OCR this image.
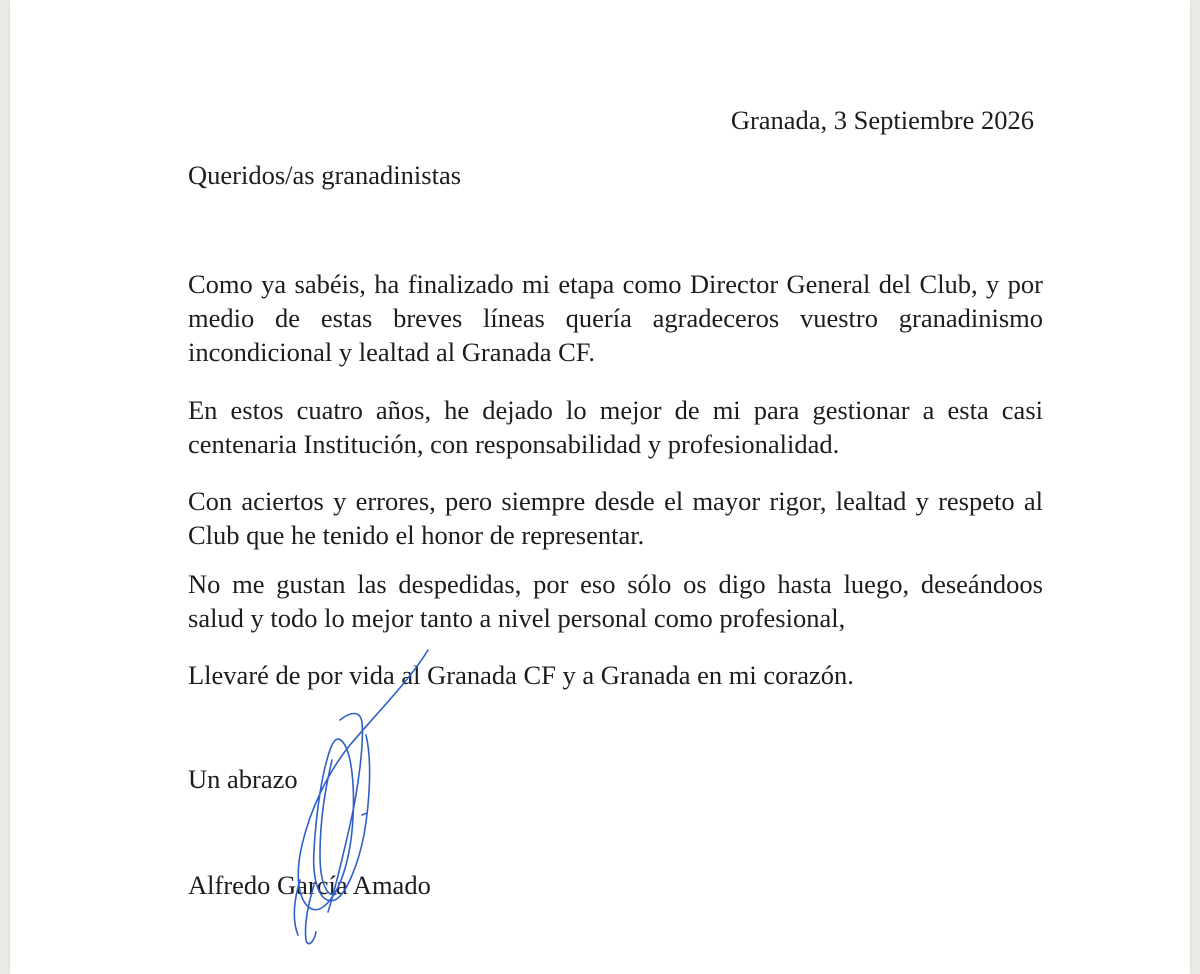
Granada, 3 Septiembre 2026

Queridos/as granadinistas

Como ya sabéis, ha finalizado mi etapa como Director General del Club, y por medio de estas breves líneas quería agradeceros vuestro granadinismo incondicional y lealtad al Granada CF.

En estos cuatro años, he dejado lo mejor de mi para gestionar a esta casi centenaria Institución, con responsabilidad y profesionalidad.

Con aciertos y errores, pero siempre desde el mayor rigor, lealtad y respeto al Club que he tenido el honor de representar.

No me gustan las despedidas, por eso sólo os digo hasta luego, deseándoos salud y todo lo mejor tanto a nivel personal como profesional,

Llevaré de por vida al Granada CF y a Granada en mi corazón.

Un abrazo

Alfredo García Amado
